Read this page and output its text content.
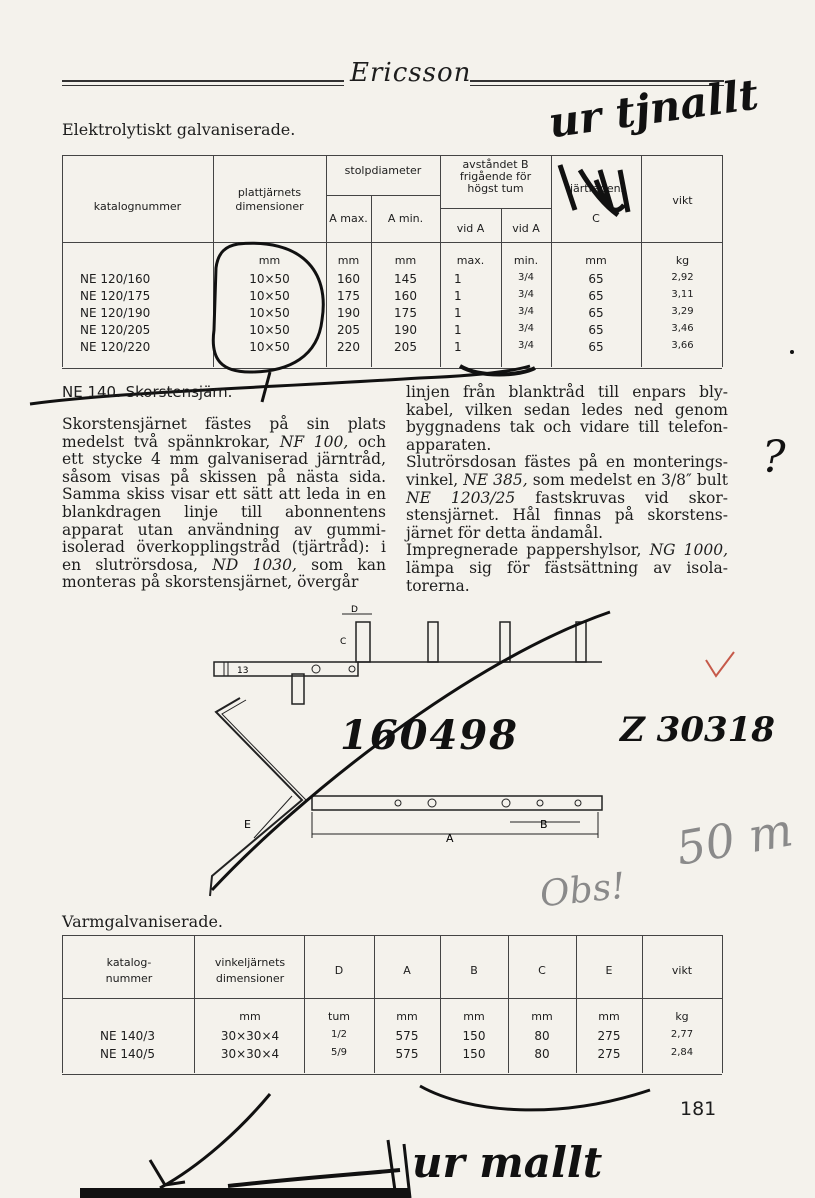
Ericsson ur tjnallt
Elektrolytiskt galvaniserade.
katalognummer
plattjärnets
dimensioner
stolpdiameter
A max.	A min.
avståndet B
frigående för
högst tum
vid A	vid A
tjärtrådens
C
vikt
mm	mm	mm	max.	min.	mm	kg
NE 120/160	10×50	160	145	1	3/4	65	2,92
NE 120/175	10×50	175	160	1	3/4	65	3,11
NE 120/190	10×50	190	175	1	3/4	65	3,29
NE 120/205	10×50	205	190	1	3/4	65	3,46
NE 120/220	10×50	220	205	1	3/4	65	3,66
NE 140. Skorstensjärn.

Skorstensjärnet fästes på sin plats medelst två spännkrokar, NF 100, och ett stycke 4 mm galvaniserad järntråd, såsom visas på skissen på nästa sida. Samma skiss visar ett sätt att leda in en blankdragen linje till abonnentens apparat utan användning av gummi- isolerad överkopplingstråd (tjärtråd): i en slutrörsdosa, ND 1030, som kan monteras på skorstensjärnet, övergår

linjen från blanktråd till enpars bly- kabel, vilken sedan ledes ned genom byggnadens tak och vidare till telefon- apparaten.

Slutrörsdosan fästes på en monterings- vinkel, NE 385, som medelst en 3/8″ bult NE 1203/25 fastskruvas vid skor- stensjärnet. Hål finnas på skorstens- järnet för detta ändamål.

Impregnerade pappershylsor, NG 1000, lämpa sig för fästsättning av isola- torerna.

?
13
D
C
A
B
E
160498	Z 30318
50 m
Obs!
Varmgalvaniserade.
katalog-
nummer
vinkeljärnets
dimensioner
D	A	B	C	E	vikt
mm	tum	mm	mm	mm	mm	kg
NE 140/3	30×30×4	1/2	575	150	80	275	2,77
NE 140/5	30×30×4	5/9	575	150	80	275	2,84
181
ur mallt
